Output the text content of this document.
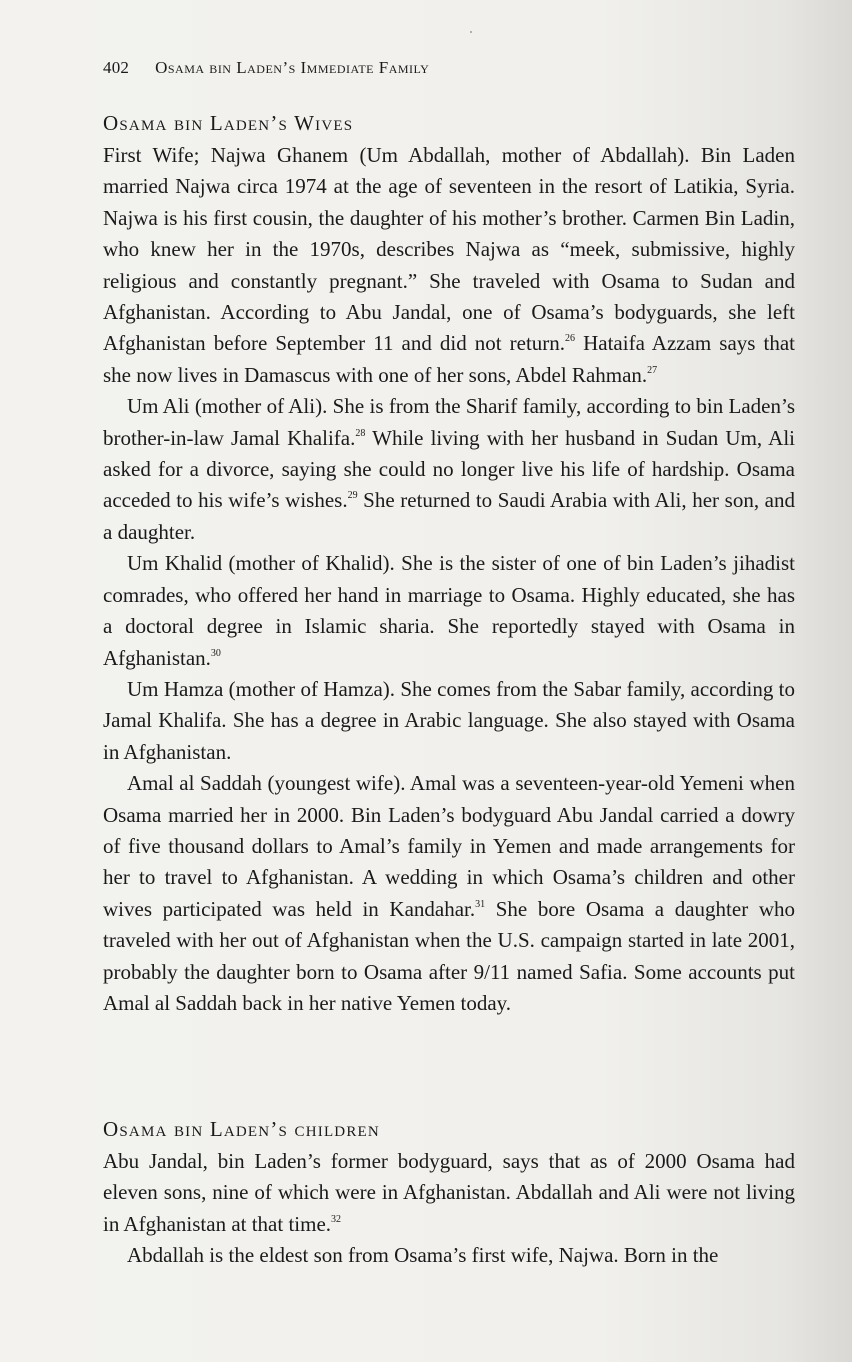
402 Osama bin Laden’s Immediate Family
Osama bin Laden’s Wives

First Wife; Najwa Ghanem (Um Abdallah, mother of Abdallah). Bin Laden married Najwa circa 1974 at the age of seventeen in the resort of Latikia, Syria. Najwa is his first cousin, the daughter of his mother’s brother. Carmen Bin Ladin, who knew her in the 1970s, describes Najwa as “meek, submissive, highly religious and constantly pregnant.” She traveled with Osama to Sudan and Afghanistan. According to Abu Jandal, one of Osama’s bodyguards, she left Afghanistan before September 11 and did not return.$^{26}$ Hataifa Azzam says that she now lives in Damascus with one of her sons, Abdel Rahman.$^{27}$

Um Ali (mother of Ali). She is from the Sharif family, according to bin Laden’s brother-in-law Jamal Khalifa.$^{28}$ While living with her husband in Sudan Um, Ali asked for a divorce, saying she could no longer live his life of hardship. Osama acceded to his wife’s wishes.$^{29}$ She returned to Saudi Arabia with Ali, her son, and a daughter.

Um Khalid (mother of Khalid). She is the sister of one of bin Laden’s jihadist comrades, who offered her hand in marriage to Osama. Highly educated, she has a doctoral degree in Islamic sharia. She reportedly stayed with Osama in Afghanistan.$^{30}$

Um Hamza (mother of Hamza). She comes from the Sabar family, according to Jamal Khalifa. She has a degree in Arabic language. She also stayed with Osama in Afghanistan.

Amal al Saddah (youngest wife). Amal was a seventeen-year-old Yemeni when Osama married her in 2000. Bin Laden’s bodyguard Abu Jandal carried a dowry of five thousand dollars to Amal’s family in Yemen and made arrangements for her to travel to Afghanistan. A wedding in which Osama’s children and other wives participated was held in Kandahar.$^{31}$ She bore Osama a daughter who traveled with her out of Afghanistan when the U.S. campaign started in late 2001, probably the daughter born to Osama after 9/11 named Safia. Some accounts put Amal al Saddah back in her native Yemen today.

Osama bin Laden’s children

Abu Jandal, bin Laden’s former bodyguard, says that as of 2000 Osama had eleven sons, nine of which were in Afghanistan. Abdallah and Ali were not living in Afghanistan at that time.$^{32}$

Abdallah is the eldest son from Osama’s first wife, Najwa. Born in the
